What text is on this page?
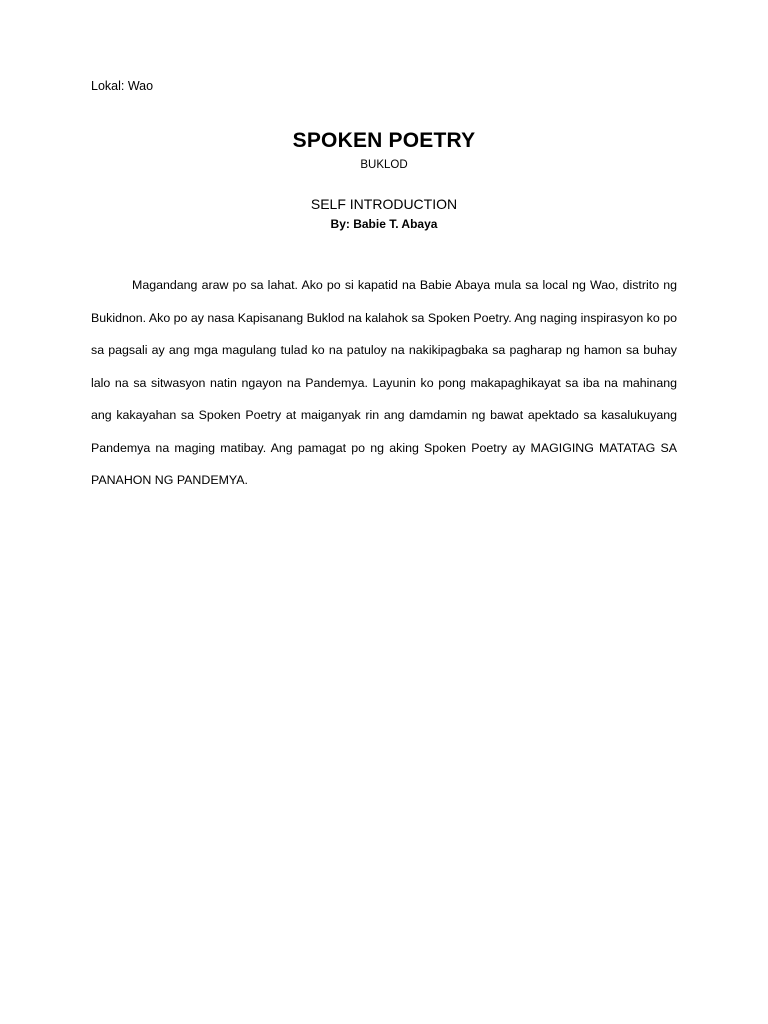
Lokal: Wao
SPOKEN POETRY
BUKLOD
SELF INTRODUCTION
By: Babie T. Abaya

Magandang araw po sa lahat. Ako po si kapatid na Babie Abaya mula sa local ng Wao, distrito ng Bukidnon. Ako po ay nasa Kapisanang Buklod na kalahok sa Spoken Poetry. Ang naging inspirasyon ko po sa pagsali ay ang mga magulang tulad ko na patuloy na nakikipagbaka sa pagharap ng hamon sa buhay lalo na sa sitwasyon natin ngayon na Pandemya. Layunin ko pong makapaghikayat sa iba na mahinang ang kakayahan sa Spoken Poetry at maiganyak rin ang damdamin ng bawat apektado sa kasalukuyang Pandemya na maging matibay. Ang pamagat po ng aking Spoken Poetry ay MAGIGING MATATAG SA PANAHON NG PANDEMYA.
